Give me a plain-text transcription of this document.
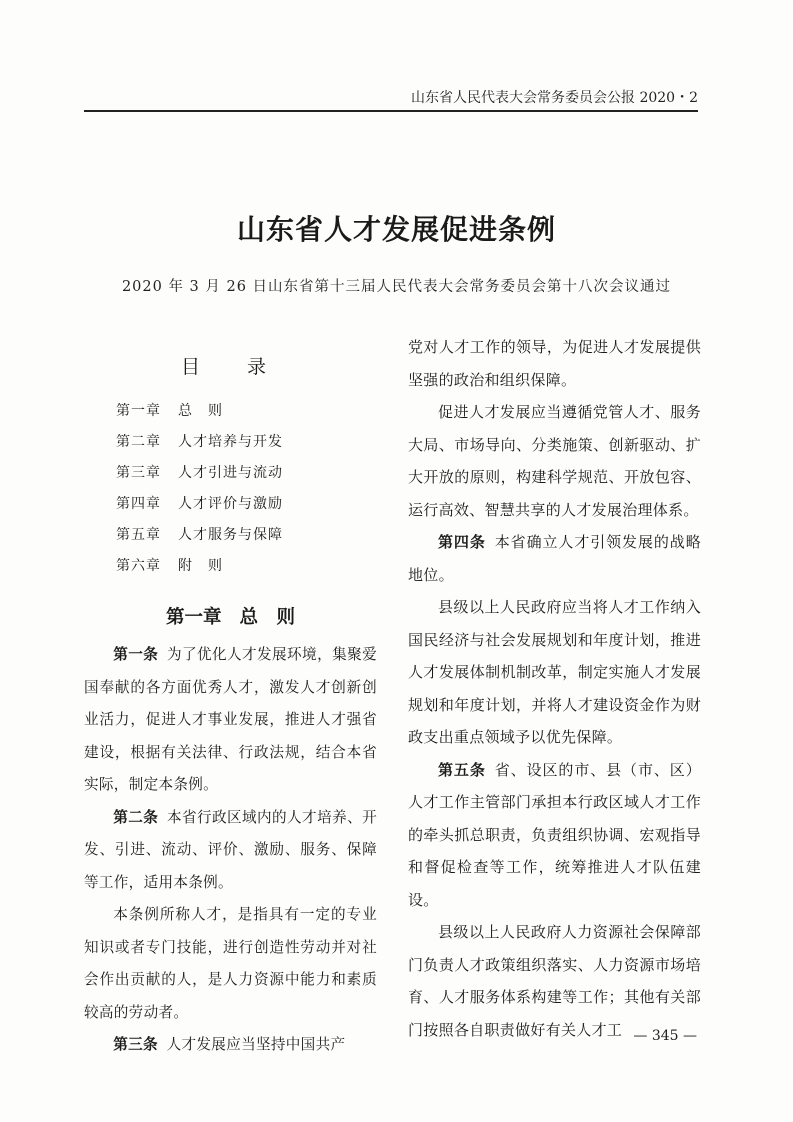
山东省人民代表大会常务委员会公报 2020・2
山东省人才发展促进条例
2020 年 3 月 26 日山东省第十三届人民代表大会常务委员会第十八次会议通过
目　录
第一章 总　则
第二章 人才培养与开发
第三章 人才引进与流动
第四章 人才评价与激励
第五章 人才服务与保障
第六章 附　则
第一章 总　则

第一条 为了优化人才发展环境，集聚爱国奉献的各方面优秀人才，激发人才创新创业活力，促进人才事业发展，推进人才强省建设，根据有关法律、行政法规，结合本省实际，制定本条例。

第二条 本省行政区域内的人才培养、开发、引进、流动、评价、激励、服务、保障等工作，适用本条例。

本条例所称人才，是指具有一定的专业知识或者专门技能，进行创造性劳动并对社会作出贡献的人，是人力资源中能力和素质较高的劳动者。

第三条 人才发展应当坚持中国共产

党对人才工作的领导，为促进人才发展提供坚强的政治和组织保障。

促进人才发展应当遵循党管人才、服务大局、市场导向、分类施策、创新驱动、扩大开放的原则，构建科学规范、开放包容、运行高效、智慧共享的人才发展治理体系。

第四条 本省确立人才引领发展的战略地位。

县级以上人民政府应当将人才工作纳入国民经济与社会发展规划和年度计划，推进人才发展体制机制改革，制定实施人才发展规划和年度计划，并将人才建设资金作为财政支出重点领域予以优先保障。

第五条 省、设区的市、县（市、区）人才工作主管部门承担本行政区域人才工作的牵头抓总职责，负责组织协调、宏观指导和督促检查等工作，统筹推进人才队伍建设。

县级以上人民政府人力资源社会保障部门负责人才政策组织落实、人力资源市场培育、人才服务体系构建等工作；其他有关部门按照各自职责做好有关人才工 — 345 —
